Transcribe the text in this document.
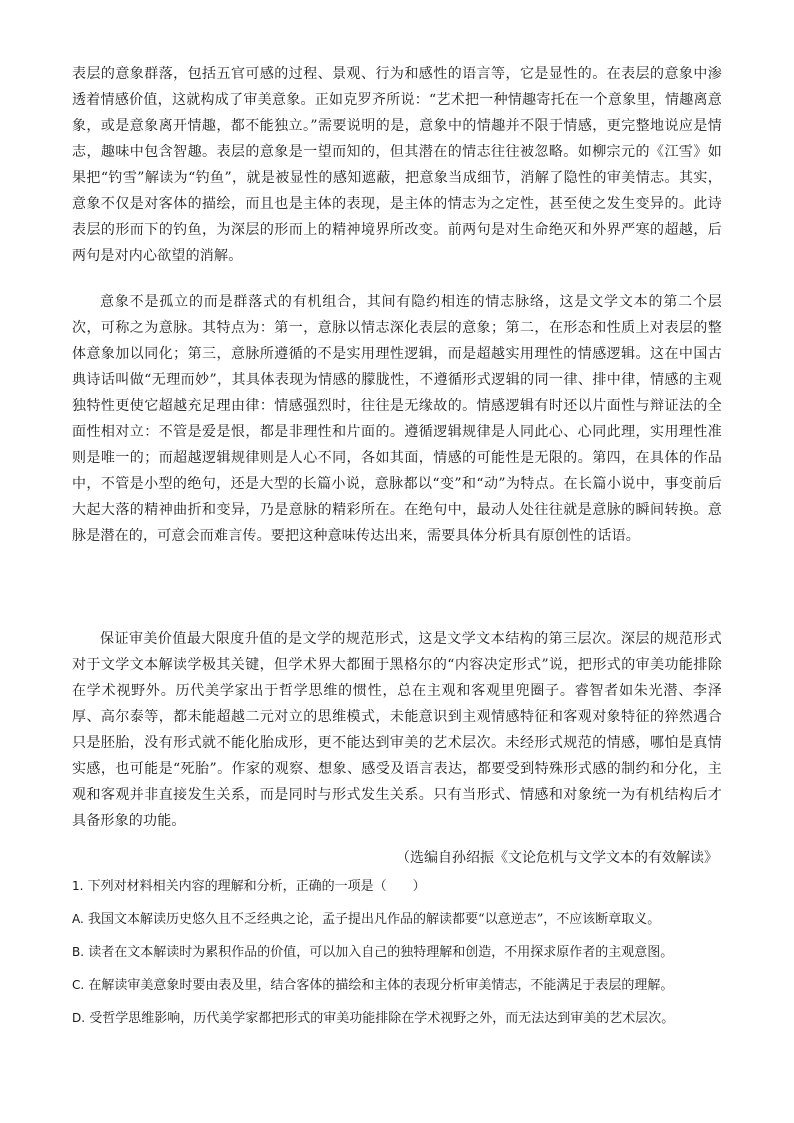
表层的意象群落，包括五官可感的过程、景观、行为和感性的语言等，它是显性的。在表层的意象中渗透着情感价值，这就构成了审美意象。正如克罗齐所说：“艺术把一种情趣寄托在一个意象里，情趣离意象，或是意象离开情趣，都不能独立。”需要说明的是，意象中的情趣并不限于情感，更完整地说应是情志，趣味中包含智趣。表层的意象是一望而知的，但其潜在的情志往往被忽略。如柳宗元的《江雪》如果把“钓雪”解读为“钓鱼”，就是被显性的感知遮蔽，把意象当成细节，消解了隐性的审美情志。其实，意象不仅是对客体的描绘，而且也是主体的表现，是主体的情志为之定性，甚至使之发生变异的。此诗表层的形而下的钓鱼，为深层的形而上的精神境界所改变。前两句是对生命绝灭和外界严寒的超越，后两句是对内心欲望的消解。

意象不是孤立的而是群落式的有机组合，其间有隐约相连的情志脉络，这是文学文本的第二个层次，可称之为意脉。其特点为：第一，意脉以情志深化表层的意象；第二，在形态和性质上对表层的整体意象加以同化；第三，意脉所遵循的不是实用理性逻辑，而是超越实用理性的情感逻辑。这在中国古典诗话叫做“无理而妙”，其具体表现为情感的朦胧性，不遵循形式逻辑的同一律、排中律，情感的主观独特性更使它超越充足理由律：情感强烈时，往往是无缘故的。情感逻辑有时还以片面性与辩证法的全面性相对立：不管是爱是恨，都是非理性和片面的。遵循逻辑规律是人同此心、心同此理，实用理性准则是唯一的；而超越逻辑规律则是人心不同，各如其面，情感的可能性是无限的。第四，在具体的作品中，不管是小型的绝句，还是大型的长篇小说，意脉都以“变”和“动”为特点。在长篇小说中，事变前后大起大落的精神曲折和变异，乃是意脉的精彩所在。在绝句中，最动人处往往就是意脉的瞬间转换。意脉是潜在的，可意会而难言传。要把这种意味传达出来，需要具体分析具有原创性的话语。

保证审美价值最大限度升值的是文学的规范形式，这是文学文本结构的第三层次。深层的规范形式对于文学文本解读学极其关键，但学术界大都囿于黑格尔的“内容决定形式”说，把形式的审美功能排除在学术视野外。历代美学家出于哲学思维的惯性，总在主观和客观里兜圈子。睿智者如朱光潜、李泽厚、高尔泰等，都未能超越二元对立的思维模式，未能意识到主观情感特征和客观对象特征的猝然遇合只是胚胎，没有形式就不能化胎成形，更不能达到审美的艺术层次。未经形式规范的情感，哪怕是真情实感，也可能是“死胎”。作家的观察、想象、感受及语言表达，都要受到特殊形式感的制约和分化，主观和客观并非直接发生关系，而是同时与形式发生关系。只有当形式、情感和对象统一为有机结构后才具备形象的功能。

（选编自孙绍振《文论危机与文学文本的有效解读》

1. 下列对材料相关内容的理解和分析，正确的一项是（　　）

A. 我国文本解读历史悠久且不乏经典之论，孟子提出凡作品的解读都要“以意逆志”，不应该断章取义。

B. 读者在文本解读时为累积作品的价值，可以加入自己的独特理解和创造，不用探求原作者的主观意图。

C. 在解读审美意象时要由表及里，结合客体的描绘和主体的表现分析审美情志，不能满足于表层的理解。

D. 受哲学思维影响，历代美学家都把形式的审美功能排除在学术视野之外，而无法达到审美的艺术层次。
